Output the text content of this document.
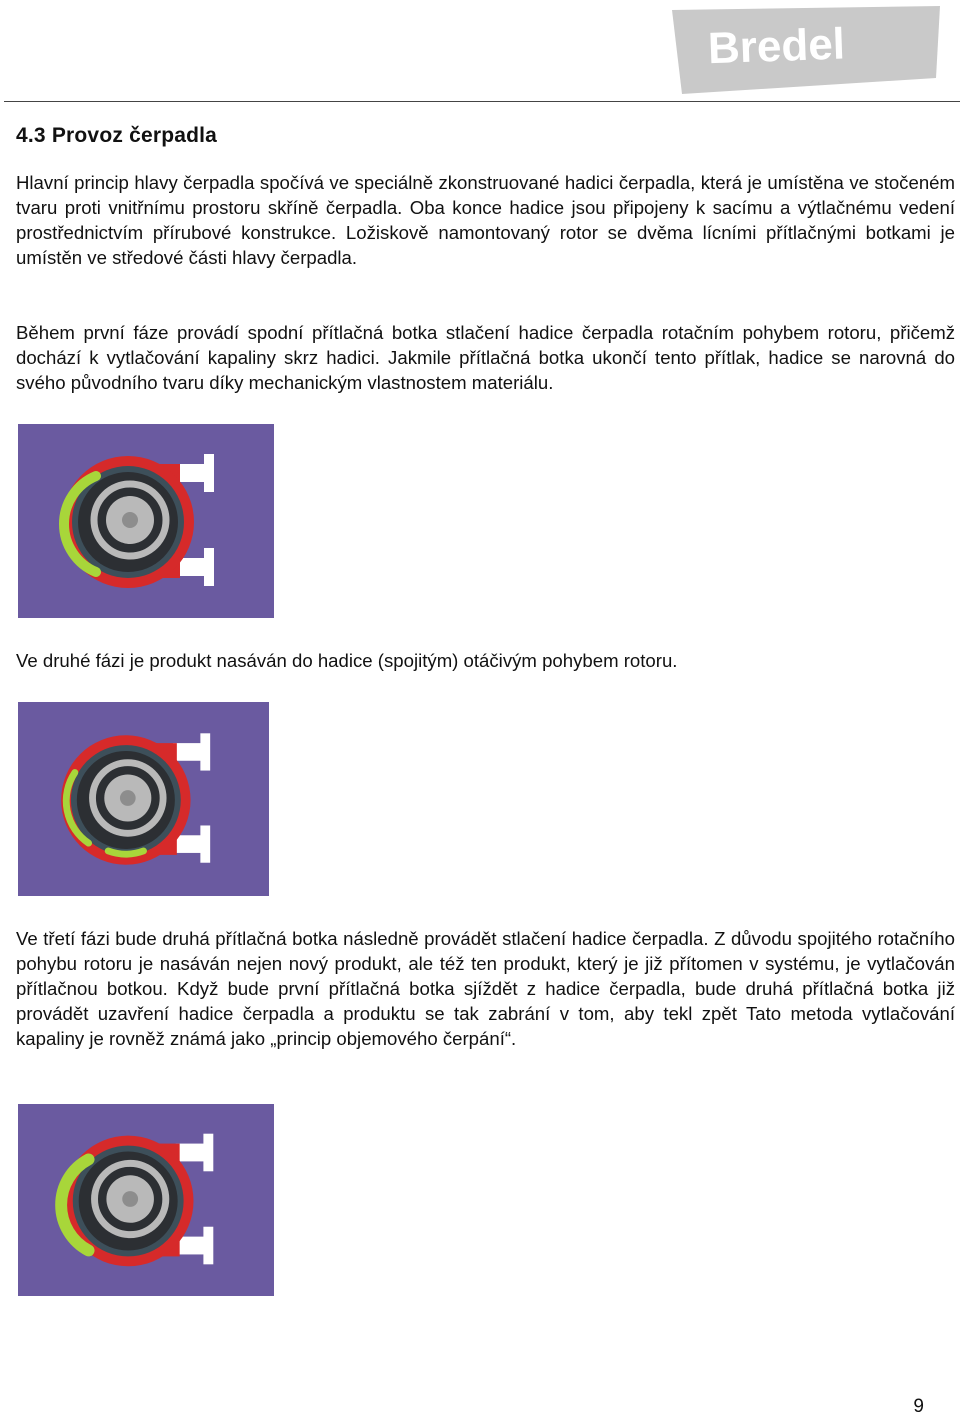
Bredel
4.3 Provoz čerpadla

Hlavní princip hlavy čerpadla spočívá ve speciálně zkonstruované hadici čerpadla, která je umístěna ve stočeném tvaru proti vnitřnímu prostoru skříně čerpadla. Oba konce hadice jsou připojeny k sacímu a výtlačnému vedení prostřednictvím přírubové konstrukce. Ložiskově namontovaný rotor se dvěma lícními přítlačnými botkami je umístěn ve středové části hlavy čerpadla.

Během první fáze provádí spodní přítlačná botka stlačení hadice čerpadla rotačním pohybem rotoru, přičemž dochází k vytlačování kapaliny skrz hadici. Jakmile přítlačná botka ukončí tento přítlak, hadice se narovná do svého původního tvaru díky mechanickým vlastnostem materiálu.

Ve druhé fázi je produkt nasáván do hadice (spojitým) otáčivým pohybem rotoru.

Ve třetí fázi bude druhá přítlačná botka následně provádět stlačení hadice čerpadla. Z důvodu spojitého rotačního pohybu rotoru je nasáván nejen nový produkt, ale též ten produkt, který je již přítomen v systému, je vytlačován přítlačnou botkou. Když bude první přítlačná botka sjíždět z hadice čerpadla, bude druhá přítlačná botka již provádět uzavření hadice čerpadla a produktu se tak zabrání v tom, aby tekl zpět Tato metoda vytlačování kapaliny je rovněž známá jako „princip objemového čerpání“.

9
